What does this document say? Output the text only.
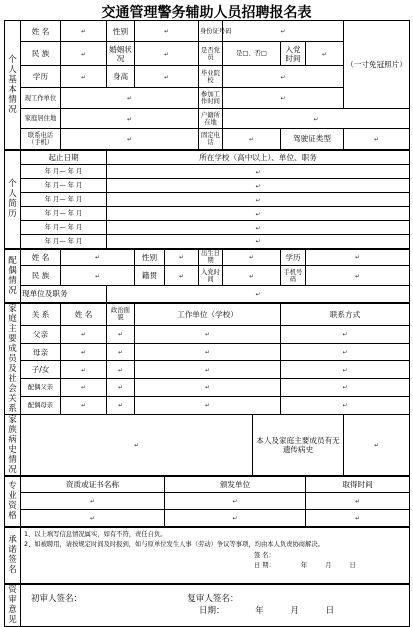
交通管理警务辅助人员招聘报名表
个人基本情况	姓 名	↵	性别	↵		身份证号码	↵				（一寸免冠照片）
	民 族	↵	婚姻状况	↵		是否党员	是□、否□		入党时间	↵	
	学历	↵	身高	↵		毕业院校	↵				
	现工作单位	↵				参加工作时间	↵				
	家庭居住地	↵				户籍所在地	↵				
	联系电话（手机）	↵				固定电话	↵		驾驶证类型		↵
个人简历	起止日期		所在学校（高中以上）、单位、职务								
	年 月— 年 月		↵								
	年 月— 年 月		↵								
	年 月— 年 月		↵								
	年 月— 年 月		↵								
	年 月— 年 月		↵								
	年 月— 年 月		↵								
配偶情况	姓 名	↵		性别	↵	出生日期	↵		学历	↵	
	民 族	↵		籍贯	↵	入党时间	↵		手机号码	↵	
	现单位及职务		↵								
家庭主要成员及社会关系	关 系	姓 名	政治面貌	工作单位（学校）					联系方式		
	父亲	↵	↵	↵					↵		
	母亲	↵	↵	↵					↵		
	子/女	↵	↵	↵					↵		
	配偶父亲	↵	↵	↵					↵		
	配偶母亲	↵	↵	↵					↵		
家族病史情况	↵							本人及家庭主要成员有无遗传病史			↵
专业资格	资质或证书名称				颁发单位					取得时间	
	↵				↵					↵	
	↵				↵					↵	
承诺签名	1、以上填写信息情况属实，如有不符，责任自负。
2、如被聘用，请按规定时间及时报到，如与原单位发生人事（劳动）争议等事项，均由本人负责协商解决。
签 名：
日 期： 年 月 日										

资审意见	初审人签名： 复审人签名：
日期： 年 月 日										
